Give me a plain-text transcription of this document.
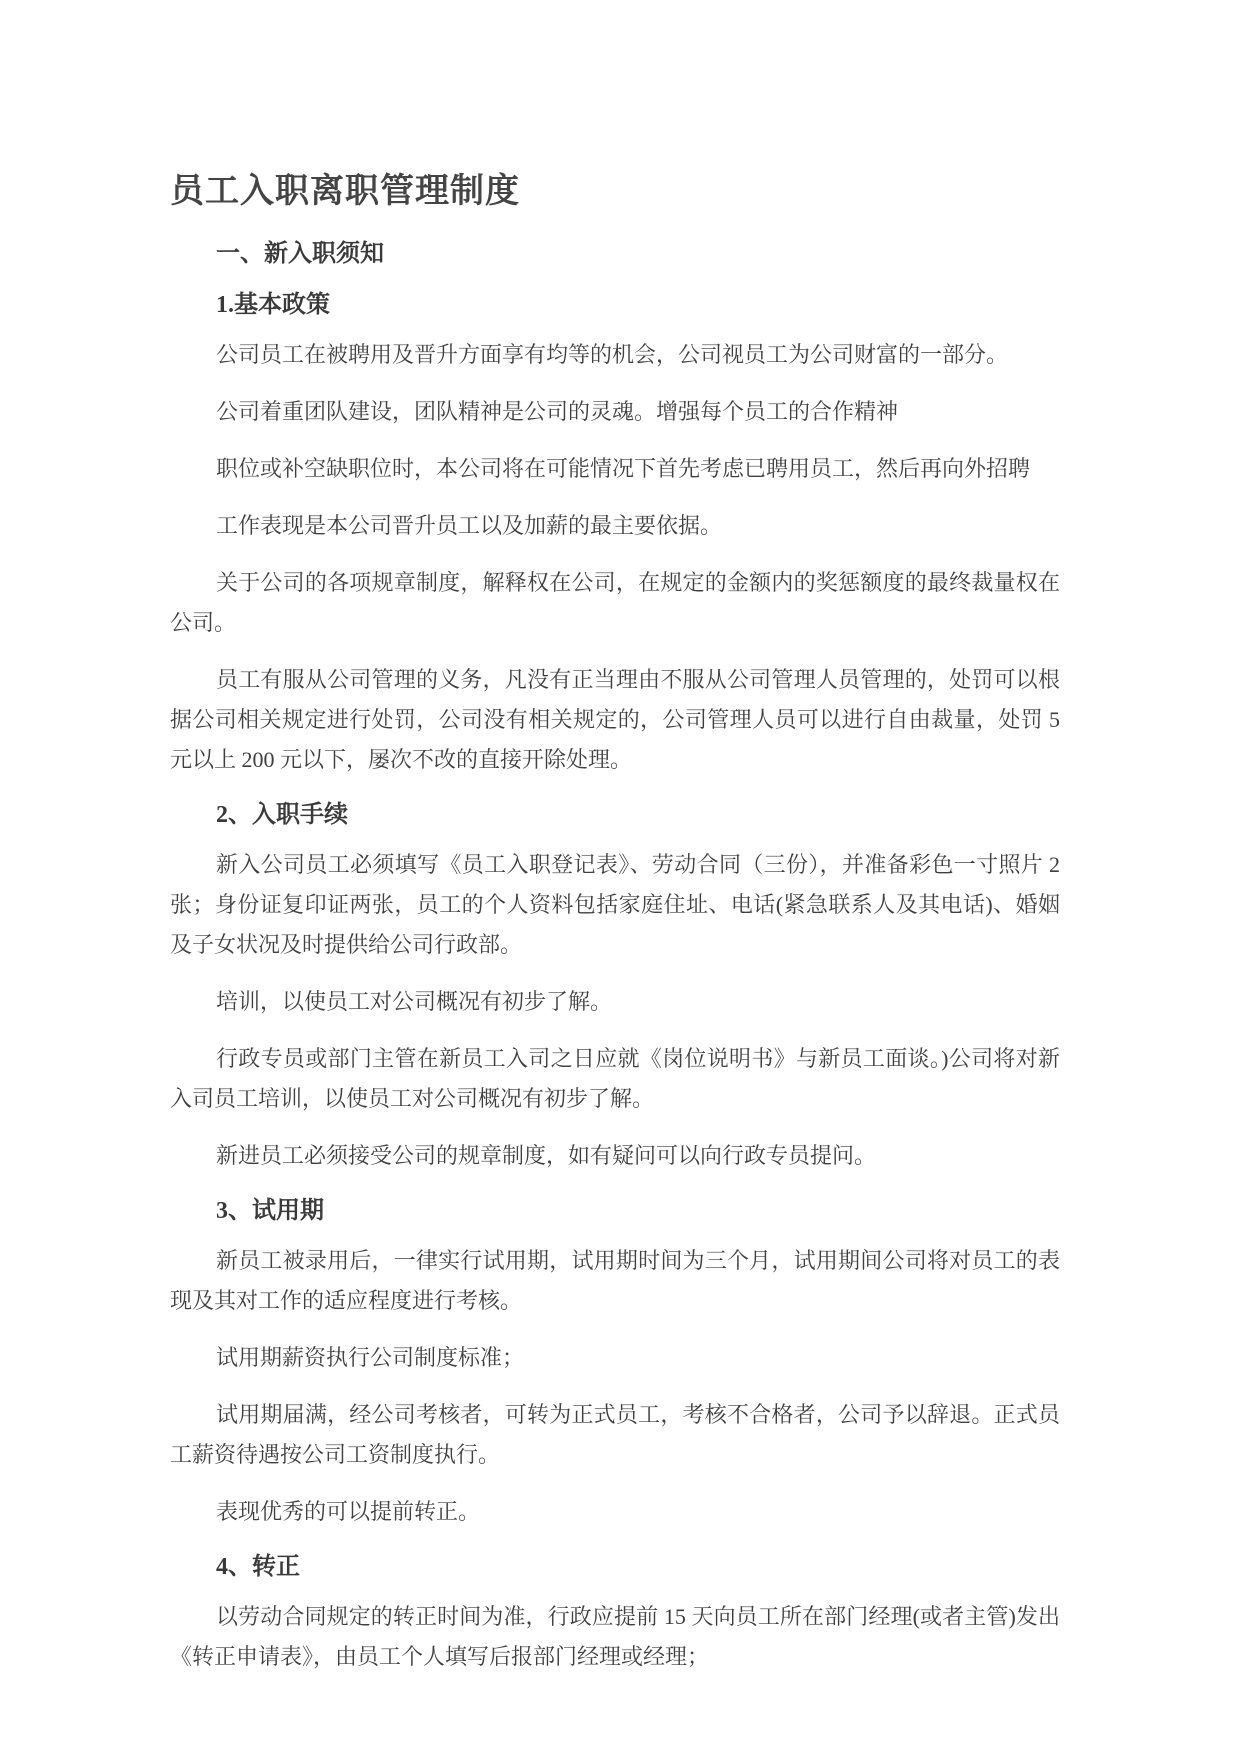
员工入职离职管理制度
一、新入职须知
1.基本政策

公司员工在被聘用及晋升方面享有均等的机会，公司视员工为公司财富的一部分。

公司着重团队建设，团队精神是公司的灵魂。增强每个员工的合作精神

职位或补空缺职位时，本公司将在可能情况下首先考虑已聘用员工，然后再向外招聘

工作表现是本公司晋升员工以及加薪的最主要依据。

关于公司的各项规章制度，解释权在公司，在规定的金额内的奖惩额度的最终裁量权在公司。

员工有服从公司管理的义务，凡没有正当理由不服从公司管理人员管理的，处罚可以根据公司相关规定进行处罚，公司没有相关规定的，公司管理人员可以进行自由裁量，处罚 5 元以上 200 元以下，屡次不改的直接开除处理。

2、入职手续

新入公司员工必须填写《员工入职登记表》、劳动合同（三份），并准备彩色一寸照片 2 张；身份证复印证两张，员工的个人资料包括家庭住址、电话(紧急联系人及其电话)、婚姻及子女状况及时提供给公司行政部。

培训，以使员工对公司概况有初步了解。

行政专员或部门主管在新员工入司之日应就《岗位说明书》与新员工面谈。)公司将对新入司员工培训，以使员工对公司概况有初步了解。

新进员工必须接受公司的规章制度，如有疑问可以向行政专员提问。

3、试用期

新员工被录用后，一律实行试用期，试用期时间为三个月，试用期间公司将对员工的表现及其对工作的适应程度进行考核。

试用期薪资执行公司制度标准；

试用期届满，经公司考核者，可转为正式员工，考核不合格者，公司予以辞退。正式员工薪资待遇按公司工资制度执行。

表现优秀的可以提前转正。

4、转正

以劳动合同规定的转正时间为准，行政应提前 15 天向员工所在部门经理(或者主管)发出《转正申请表》，由员工个人填写后报部门经理或经理；
